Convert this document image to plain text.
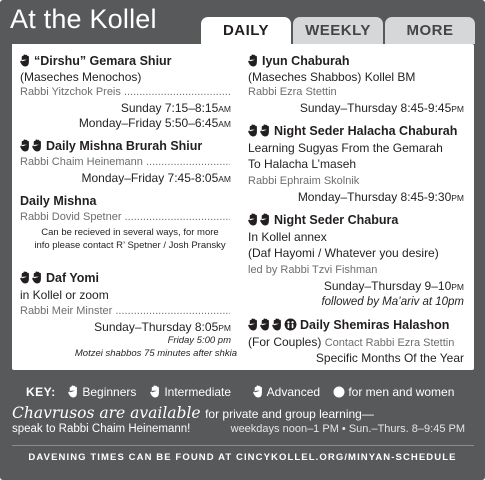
At the Kollel	DAILY	WEEKLY	MORE
“Dirshu” Gemara Shiur
(Maseches Menochos)
Rabbi Yitzchok Preis .....
Sunday 7:15–8:15AM
Monday–Friday 5:50–6:45AM
Daily Mishna Brurah Shiur
Rabbi Chaim Heinemann .....
Monday–Friday 7:45-8:05AM
Daily Mishna
Rabbi Dovid Spetner .....
Can be recieved in several ways, for more
info please contact R’ Spetner / Josh Pransky
Daf Yomi
in Kollel or zoom
Rabbi Meir Minster .....
Sunday–Thursday 8:05PM
Friday 5:00 pm
Motzei shabbos 75 minutes after shkia
Iyun Chaburah
(Maseches Shabbos) Kollel BM
Rabbi Ezra Stettin
Sunday–Thursday 8:45-9:45PM
Night Seder Halacha Chaburah
Learning Sugyas From the Gemarah
To Halacha L’maseh
Rabbi Ephraim Skolnik
Monday–Thursday 8:45-9:30PM
Night Seder Chabura
In Kollel annex
(Daf Hayomi / Whatever you desire)
led by Rabbi Tzvi Fishman
Sunday–Thursday 9–10PM
followed by Ma’ariv at 10pm
Daily Shemiras Halashon
(For Couples) Contact Rabbi Ezra Stettin
Specific Months Of the Year
KEY:	Beginners	Intermediate	Advanced	for men and women
Chavrusos are available for private and group learning—
speak to Rabbi Chaim Heinemann!	weekdays noon–1 PM • Sun.–Thurs. 8–9:45 PM
DAVENING TIMES CAN BE FOUND AT CINCYKOLLEL.ORG/MINYAN-SCHEDULE
